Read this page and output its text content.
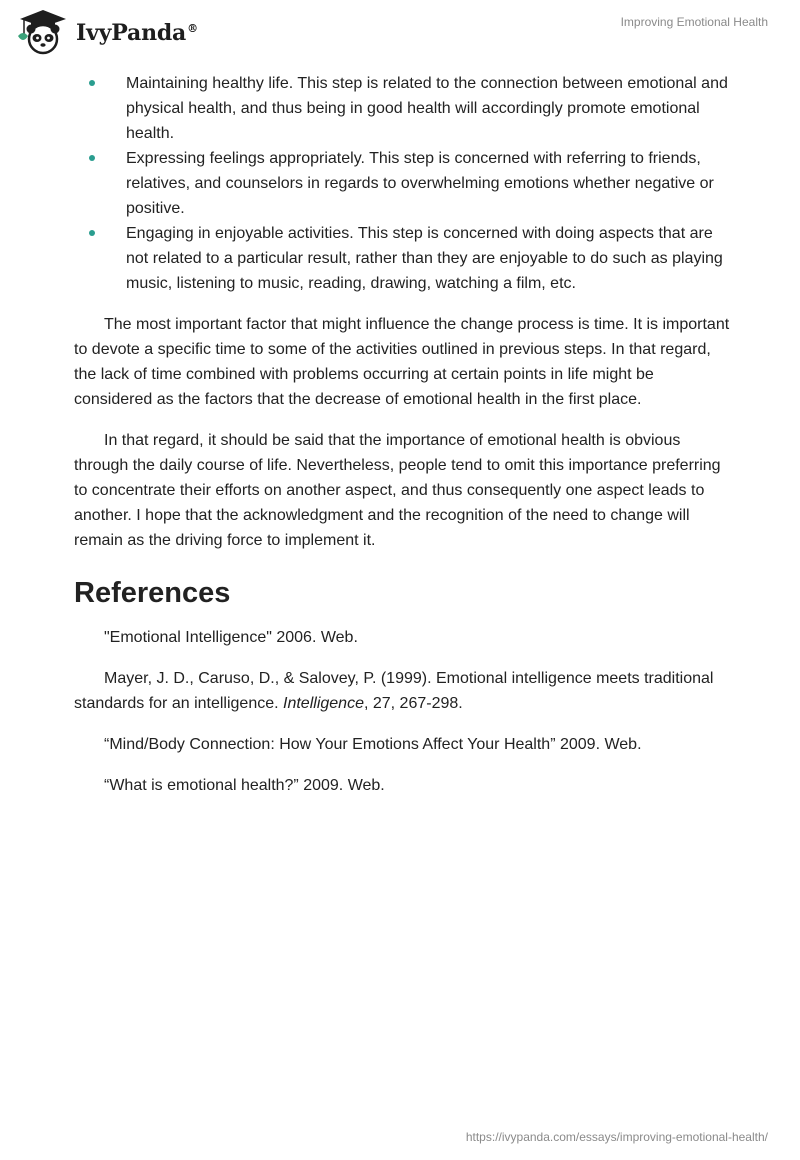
IvyPanda®	Improving Emotional Health
Maintaining healthy life. This step is related to the connection between emotional and physical health, and thus being in good health will accordingly promote emotional health.
Expressing feelings appropriately. This step is concerned with referring to friends, relatives, and counselors in regards to overwhelming emotions whether negative or positive.
Engaging in enjoyable activities. This step is concerned with doing aspects that are not related to a particular result, rather than they are enjoyable to do such as playing music, listening to music, reading, drawing, watching a film, etc.

The most important factor that might influence the change process is time. It is important to devote a specific time to some of the activities outlined in previous steps. In that regard, the lack of time combined with problems occurring at certain points in life might be considered as the factors that the decrease of emotional health in the first place.

In that regard, it should be said that the importance of emotional health is obvious through the daily course of life. Nevertheless, people tend to omit this importance preferring to concentrate their efforts on another aspect, and thus consequently one aspect leads to another. I hope that the acknowledgment and the recognition of the need to change will remain as the driving force to implement it.

References

"Emotional Intelligence" 2006. Web.

Mayer, J. D., Caruso, D., & Salovey, P. (1999). Emotional intelligence meets traditional standards for an intelligence. Intelligence, 27, 267-298.

“Mind/Body Connection: How Your Emotions Affect Your Health” 2009. Web.

“What is emotional health?” 2009. Web.

https://ivypanda.com/essays/improving-emotional-health/
